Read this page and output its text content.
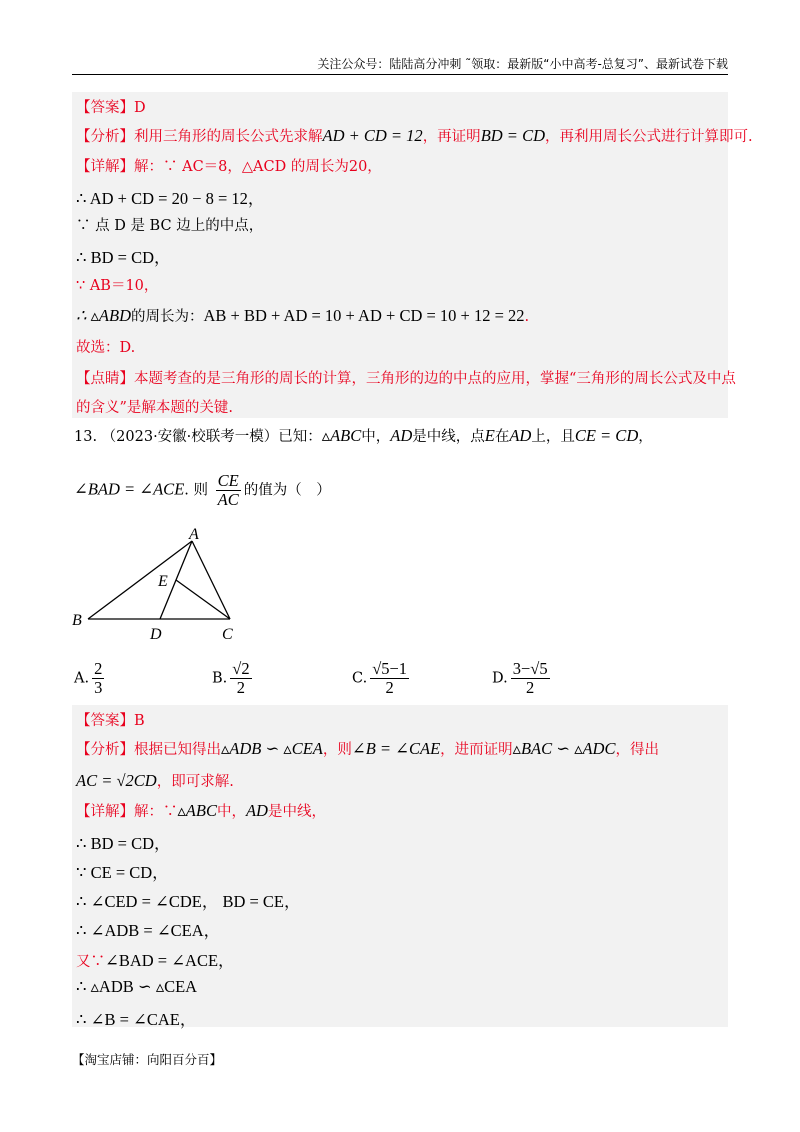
关注公众号：陆陆高分冲刺 ˜领取：最新版“小中高考-总复习”、最新试卷下载
【答案】D
【分析】利用三角形的周长公式先求解AD + CD = 12，再证明BD = CD，再利用周长公式进行计算即可.
【详解】解：∵ AC＝8，△ACD 的周长为20，
∴ AD + CD = 20 − 8 = 12，
∵ 点 D 是 BC 边上的中点，
∴ BD = CD，
∵ AB＝10，
∴ ▵ABD的周长为：AB + BD + AD = 10 + AD + CD = 10 + 12 = 22.
故选：D.
【点睛】本题考查的是三角形的周长的计算，三角形的边的中点的应用，掌握“三角形的周长公式及中点
的含义”是解本题的关键.
13. （2023·安徽·校联考一模）已知：▵ABC中，AD是中线，点E在AD上，且CE = CD，
∠BAD = ∠ACE. 则 $\frac{CE}{AC}$ 的值为（　）
A
B
C
D
E
A. $\frac{2}{3}$	B. $\frac{√2}{2}$	C. $\frac{√5-1}{2}$	D. $\frac{3-√5}{2}$
【答案】B
【分析】根据已知得出▵ADB ∽ ▵CEA，则∠B = ∠CAE，进而证明▵BAC ∽ ▵ADC，得出
AC = √2CD，即可求解.
【详解】解：∵▵ABC中，AD是中线，
∴ BD = CD，
∵ CE = CD，
∴ ∠CED = ∠CDE， BD = CE，
∴ ∠ADB = ∠CEA，
又∵∠BAD = ∠ACE，
∴ ▵ADB ∽ ▵CEA
∴ ∠B = ∠CAE，
【淘宝店铺：向阳百分百】
